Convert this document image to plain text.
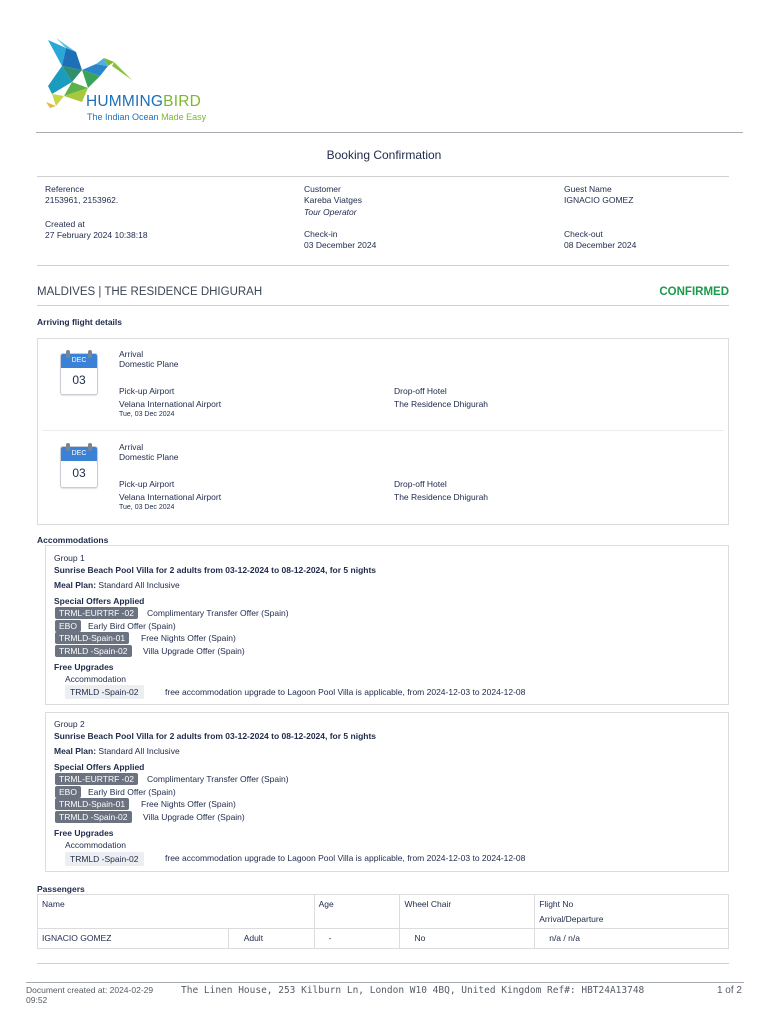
HUMMINGBIRD
The Indian Ocean Made Easy
Booking Confirmation
Reference
2153961, 2153962.
Created at
27 February 2024 10:38:18
Customer
Kareba Viatges
Tour Operator
Check-in
03 December 2024
Guest Name
IGNACIO GOMEZ
Check-out
08 December 2024
MALDIVES | THE RESIDENCE DHIGURAH	CONFIRMED
Arriving flight details
DEC
03
Arrival
Domestic Plane
Pick-up Airport
Velana International Airport
Tue, 03 Dec 2024
Drop-off Hotel
The Residence Dhigurah
DEC
03
Arrival
Domestic Plane
Pick-up Airport
Velana International Airport
Tue, 03 Dec 2024
Drop-off Hotel
The Residence Dhigurah
Accommodations
Group 1
Sunrise Beach Pool Villa for 2 adults from 03-12-2024 to 08-12-2024, for 5 nights
Meal Plan: Standard All Inclusive
Special Offers Applied
TRML-EURTRF -02	Complimentary Transfer Offer (Spain)
EBO	Early Bird Offer (Spain)
TRMLD-Spain-01	Free Nights Offer (Spain)
TRMLD -Spain-02	Villa Upgrade Offer (Spain)
Free Upgrades
Accommodation
TRMLD -Spain-02	free accommodation upgrade to Lagoon Pool Villa is applicable, from 2024-12-03 to 2024-12-08
Group 2
Sunrise Beach Pool Villa for 2 adults from 03-12-2024 to 08-12-2024, for 5 nights
Meal Plan: Standard All Inclusive
Special Offers Applied
TRML-EURTRF -02	Complimentary Transfer Offer (Spain)
EBO	Early Bird Offer (Spain)
TRMLD-Spain-01	Free Nights Offer (Spain)
TRMLD -Spain-02	Villa Upgrade Offer (Spain)
Free Upgrades
Accommodation
TRMLD -Spain-02	free accommodation upgrade to Lagoon Pool Villa is applicable, from 2024-12-03 to 2024-12-08
Passengers
Name		Age	Wheel Chair	Flight No
Arrival/Departure

IGNACIO GOMEZ	Adult	-	No	n/a / n/a
Document created at: 2024-02-29
09:52
The Linen House, 253 Kilburn Ln, London W10 4BQ, United Kingdom Ref#: HBT24A13748	1 of 2
